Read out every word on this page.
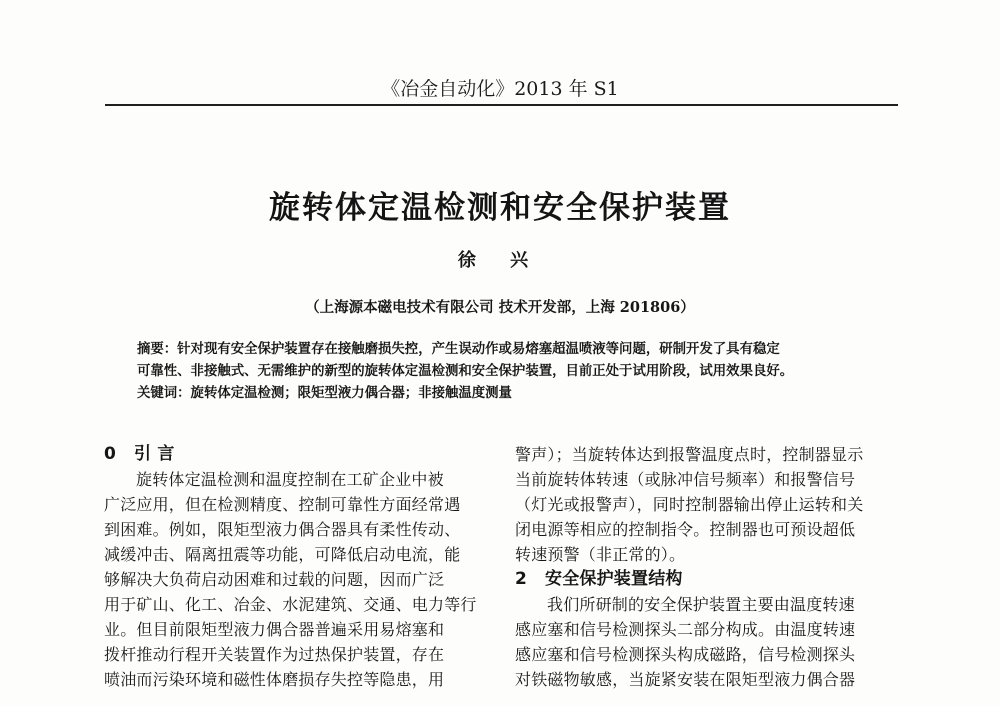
《冶金自动化》2013 年 S1
旋转体定温检测和安全保护装置
徐 兴
（上海源本磁电技术有限公司 技术开发部，上海 201806）

摘要：针对现有安全保护装置存在接触磨损失控，产生误动作或易熔塞超温喷液等问题，研制开发了具有稳定

可靠性、非接触式、无需维护的新型的旋转体定温检测和安全保护装置，目前正处于试用阶段，试用效果良好。

关键词：旋转体定温检测；限矩型液力偶合器；非接触温度测量

0 引 言
旋转体定温检测和温度控制在工矿企业中被
广泛应用，但在检测精度、控制可靠性方面经常遇
到困难。例如，限矩型液力偶合器具有柔性传动、
减缓冲击、隔离扭震等功能，可降低启动电流，能
够解决大负荷启动困难和过载的问题，因而广泛
用于矿山、化工、冶金、水泥建筑、交通、电力等行
业。但目前限矩型液力偶合器普遍采用易熔塞和
拨杆推动行程开关装置作为过热保护装置，存在
喷油而污染环境和磁性体磨损存失控等隐患，用
警声）；当旋转体达到报警温度点时，控制器显示
当前旋转体转速（或脉冲信号频率）和报警信号
（灯光或报警声），同时控制器输出停止运转和关
闭电源等相应的控制指令。控制器也可预设超低
转速预警（非正常的）。
2 安全保护装置结构
我们所研制的安全保护装置主要由温度转速
感应塞和信号检测探头二部分构成。由温度转速
感应塞和信号检测探头构成磁路，信号检测探头
对铁磁物敏感，当旋紧安装在限矩型液力偶合器
